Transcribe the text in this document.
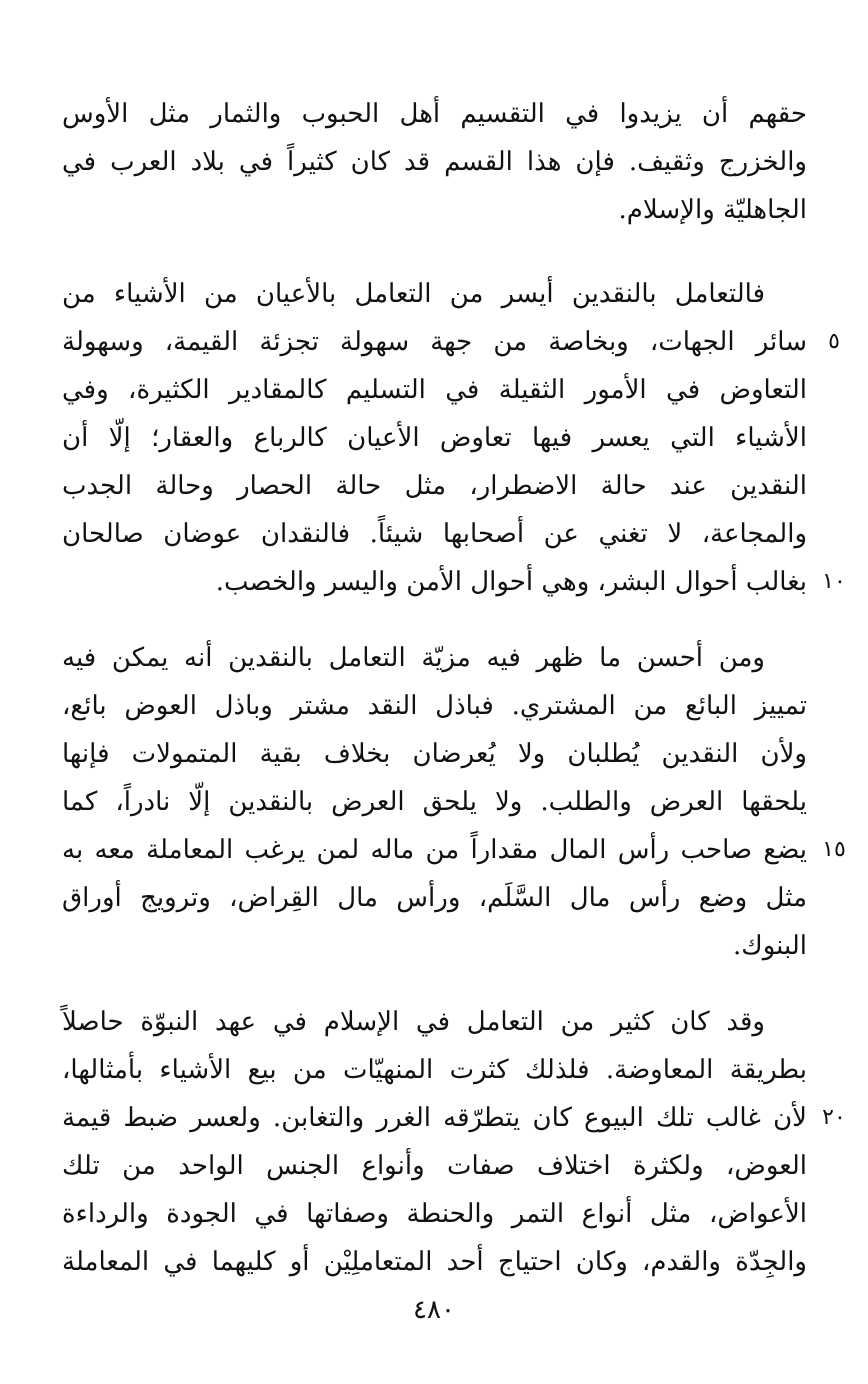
حقهم أن يزيدوا في التقسيم أهل الحبوب والثمار مثل الأوس
والخزرج وثقيف. فإن هذا القسم قد كان كثيراً في بلاد العرب في
الجاهليّة والإسلام.
فالتعامل بالنقدين أيسر من التعامل بالأعيان من الأشياء من
سائر الجهات، وبخاصة من جهة سهولة تجزئة القيمة، وسهولة
التعاوض في الأمور الثقيلة في التسليم كالمقادير الكثيرة، وفي
الأشياء التي يعسر فيها تعاوض الأعيان كالرباع والعقار؛ إلّا أن
النقدين عند حالة الاضطرار، مثل حالة الحصار وحالة الجدب
والمجاعة، لا تغني عن أصحابها شيئاً. فالنقدان عوضان صالحان
بغالب أحوال البشر، وهي أحوال الأمن واليسر والخصب.
ومن أحسن ما ظهر فيه مزيّة التعامل بالنقدين أنه يمكن فيه
تمييز البائع من المشتري. فباذل النقد مشتر وباذل العوض بائع،
ولأن النقدين يُطلبان ولا يُعرضان بخلاف بقية المتمولات فإنها
يلحقها العرض والطلب. ولا يلحق العرض بالنقدين إلّا نادراً، كما
يضع صاحب رأس المال مقداراً من ماله لمن يرغب المعاملة معه به
مثل وضع رأس مال السَّلَم، ورأس مال القِراض، وترويج أوراق
البنوك.
وقد كان كثير من التعامل في الإسلام في عهد النبوّة حاصلاً
بطريقة المعاوضة. فلذلك كثرت المنهيّات من بيع الأشياء بأمثالها،
لأن غالب تلك البيوع كان يتطرّقه الغرر والتغابن. ولعسر ضبط قيمة
العوض، ولكثرة اختلاف صفات وأنواع الجنس الواحد من تلك
الأعواض، مثل أنواع التمر والحنطة وصفاتها في الجودة والرداءة
والجِدّة والقدم، وكان احتياج أحد المتعاملِيْن أو كليهما في المعاملة
٥
١٠
١٥
٢٠
٤٨٠
